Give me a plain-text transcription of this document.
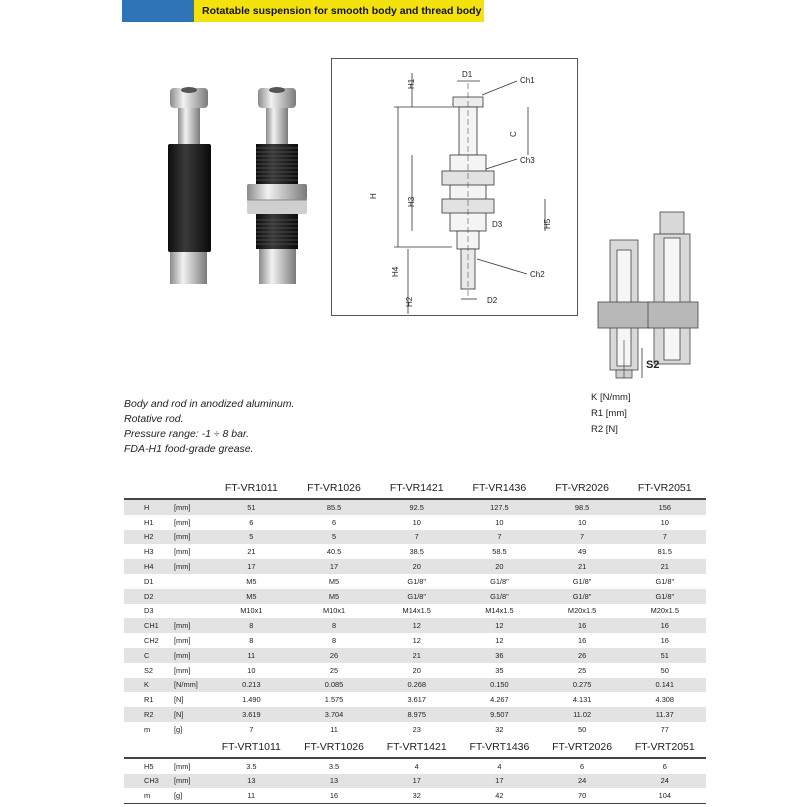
Rotatable suspension for smooth body and thread body
D1
Ch1
Ch3
Ch2
D3
D2
H1
C
H
H3
H5
H4
H2
S2
K [N/mm]
R1 [mm]
R2 [N]
Body and rod in anodized aluminum.
Rotative rod.
Pressure range: -1 ÷ 8 bar.
FDA-H1 food-grade grease.
		FT-VR1011	FT-VR1026	FT-VR1421	FT-VR1436	FT-VR2026	FT-VR2051
H	[mm]	51	85.5	92.5	127.5	98.5	156
H1	[mm]	6	6	10	10	10	10
H2	[mm]	5	5	7	7	7	7
H3	[mm]	21	40.5	38.5	58.5	49	81.5
H4	[mm]	17	17	20	20	21	21
D1		M5	M5	G1/8"	G1/8"	G1/8"	G1/8"
D2		M5	M5	G1/8"	G1/8"	G1/8"	G1/8"
D3		M10x1	M10x1	M14x1.5	M14x1.5	M20x1.5	M20x1.5
CH1	[mm]	8	8	12	12	16	16
CH2	[mm]	8	8	12	12	16	16
C	[mm]	11	26	21	36	26	51
S2	[mm]	10	25	20	35	25	50
K	[N/mm]	0.213	0.085	0.268	0.150	0.275	0.141
R1	[N]	1.490	1.575	3.617	4.267	4.131	4.308
R2	[N]	3.619	3.704	8.975	9.507	11.02	11.37
m	[g]	7	11	23	32	50	77
		FT-VRT1011	FT-VRT1026	FT-VRT1421	FT-VRT1436	FT-VRT2026	FT-VRT2051
H5	[mm]	3.5	3.5	4	4	6	6
CH3	[mm]	13	13	17	17	24	24
m	[g]	11	16	32	42	70	104
